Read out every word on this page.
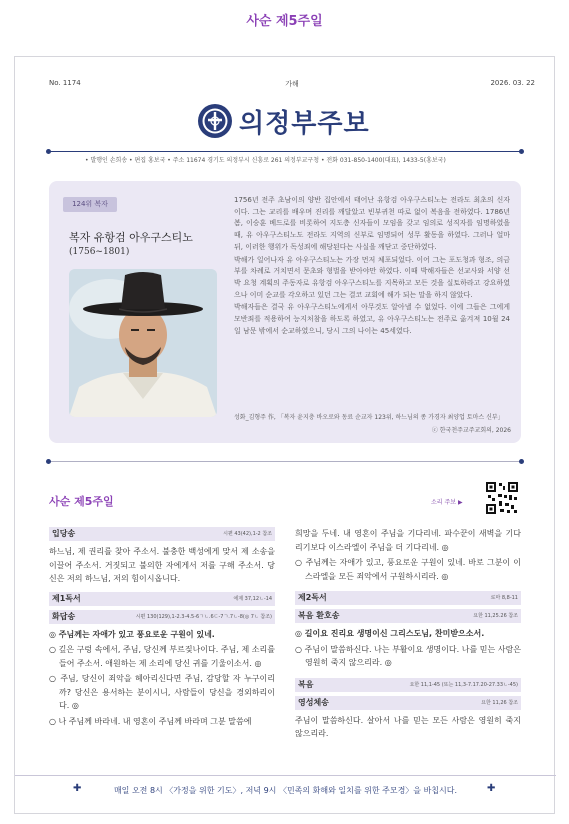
사순 제5주일
No. 1174	가해	2026. 03. 22
의정부주보
• 발행인 손희송 • 편집 홍보국 • 주소 11674 경기도 의정부시 신흥로 261 의정부교구청 • 전화 031-850-1400(대표), 1433-5(홍보국)
124위 복자
복자 유항검 아우구스티노
(1756~1801)

1756년 전주 초남이의 양반 집안에서 태어난 유항검 아우구스티노는 전라도 최초의 신자이다. 그는 교리를 배우며 진리를 깨달았고 빈부귀천 따로 없이 복음을 전하였다. 1786년 봄, 이승훈 베드로를 비롯하여 지도층 신자들이 모임을 갖고 임의로 성직자를 임명하였을 때, 유 아우구스티노도 전라도 지역의 신부로 임명되어 성무 활동을 하였다. 그러나 얼마 뒤, 이러한 행위가 독성죄에 해당된다는 사실을 깨닫고 중단하였다.

박해가 일어나자 유 아우구스티노는 가장 먼저 체포되었다. 이어 그는 포도청과 형조, 의금부를 차례로 거치면서 문초와 형벌을 받아야만 하였다. 이때 박해자들은 선교사와 서양 선박 요청 계획의 주동자로 유항검 아우구스티노를 지목하고 모든 것을 실토하라고 강요하였으나 이미 순교를 각오하고 있던 그는 결코 교회에 해가 되는 말을 하지 않았다.

박해자들은 결국 유 아우구스티노에게서 아무것도 알아낼 수 없었다. 이에 그들은 그에게 모반죄를 적용하여 능지처참을 하도록 하였고, 유 아우구스티노는 전주로 옮겨져 10월 24일 남문 밖에서 순교하였으니, 당시 그의 나이는 45세였다.

성화_김형주 作, 「복자 윤지충 바오로와 동료 순교자 123위, 하느님의 종 가경자 최양업 토마스 신부」
ⓒ 한국천주교주교회의, 2026
사순 제5주일	소리 주보 ▶
입당송	시편 43(42),1-2 참조
하느님, 제 권리를 찾아 주소서. 불충한 백성에게 맞서 제 소송을 이끌어 주소서. 거짓되고 불의한 자에게서 저를 구해 주소서. 당신은 저의 하느님, 저의 힘이시옵니다.
제1독서	에제 37,12ㄴ-14
화답송	시편 130(129),1-2.3-4.5-6ㄱㄴ.6ㄷ-7ㄱ.7ㄴ-8(◎ 7ㄴ 참조)
◎ 주님께는 자애가 있고 풍요로운 구원이 있네.
○ 깊은 구렁 속에서, 주님, 당신께 부르짖나이다. 주님, 제 소리를 들어 주소서. 애원하는 제 소리에 당신 귀를 기울이소서. ◎
○ 주님, 당신이 죄악을 헤아리신다면 주님, 감당할 자 누구이리까? 당신은 용서하는 분이시니, 사람들이 당신을 경외하리이다. ◎
○ 나 주님께 바라네. 내 영혼이 주님께 바라며 그분 말씀에
희망을 두네. 내 영혼이 주님을 기다리네. 파수꾼이 새벽을 기다리기보다 이스라엘이 주님을 더 기다리네. ◎
○ 주님께는 자애가 있고, 풍요로운 구원이 있네. 바로 그분이 이스라엘을 모든 죄악에서 구원하시리라. ◎
제2독서	로마 8,8-11
복음 환호송	요한 11,25.26 참조
◎ 길이요 진리요 생명이신 그리스도님, 찬미받으소서.
○ 주님이 말씀하신다. 나는 부활이요 생명이다. 나를 믿는 사람은 영원히 죽지 않으리라. ◎
복음	요한 11,1-45 (또는 11,3-7.17.20-27.33ㄴ-45)
영성체송	요한 11,26 참조
주님이 말씀하신다. 살아서 나를 믿는 모든 사람은 영원히 죽지 않으리라.
✚	매일 오전 8시 〈가정을 위한 기도〉, 저녁 9시 〈민족의 화해와 일치를 위한 주모경〉을 바칩시다.	✚
